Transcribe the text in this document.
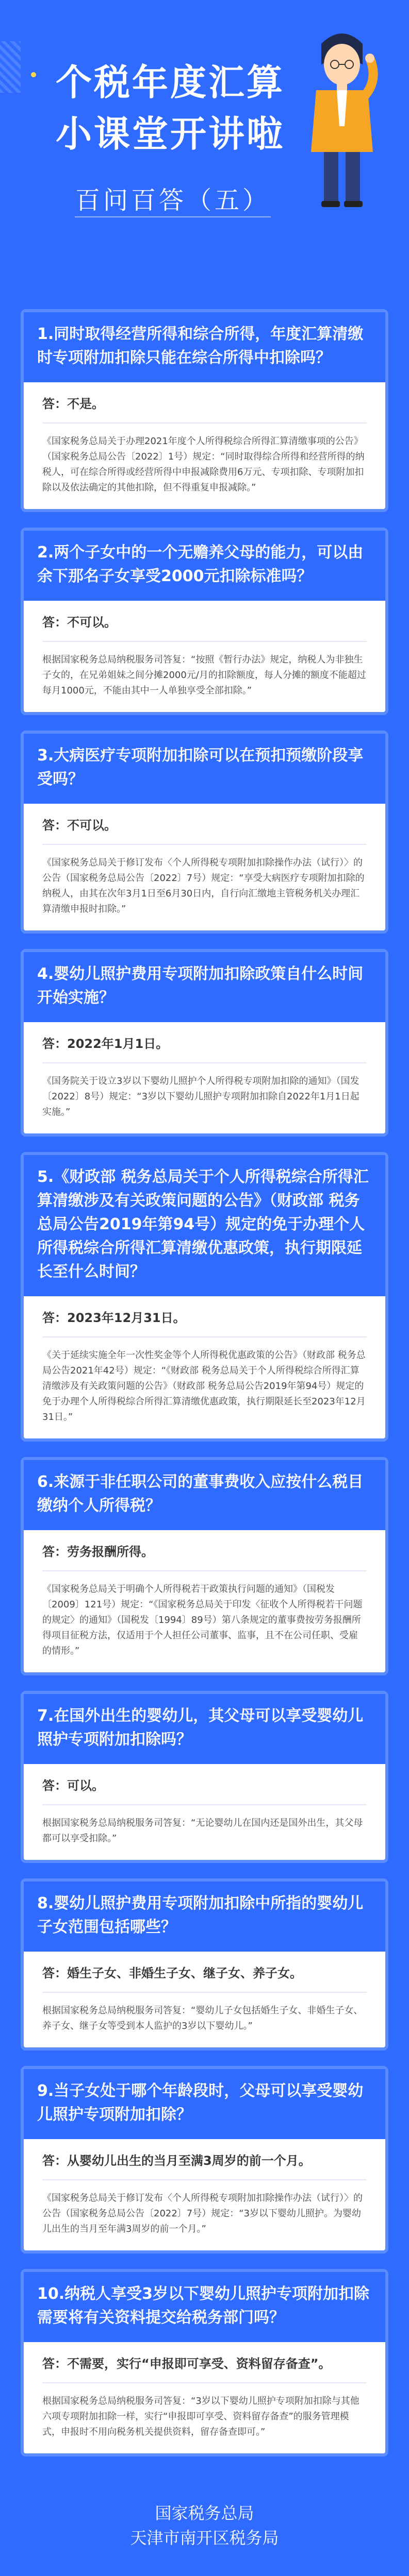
个税年度汇算
小课堂开讲啦
百问百答（五）
1.同时取得经营所得和综合所得，年度汇算清缴时专项附加扣除只能在综合所得中扣除吗？
答：不是。
《国家税务总局关于办理2021年度个人所得税综合所得汇算清缴事项的公告》（国家税务总局公告〔2022〕1号）规定：“同时取得综合所得和经营所得的纳税人，可在综合所得或经营所得中申报减除费用6万元、专项扣除、专项附加扣除以及依法确定的其他扣除，但不得重复申报减除。”
2.两个子女中的一个无赡养父母的能力，可以由余下那名子女享受2000元扣除标准吗？
答：不可以。
根据国家税务总局纳税服务司答复：“按照《暂行办法》规定，纳税人为非独生子女的，在兄弟姐妹之间分摊2000元/月的扣除额度，每人分摊的额度不能超过每月1000元，不能由其中一人单独享受全部扣除。”
3.大病医疗专项附加扣除可以在预扣预缴阶段享受吗？
答：不可以。
《国家税务总局关于修订发布〈个人所得税专项附加扣除操作办法（试行）〉的公告（国家税务总局公告〔2022〕7号）规定：“享受大病医疗专项附加扣除的纳税人，由其在次年3月1日至6月30日内，自行向汇缴地主管税务机关办理汇算清缴申报时扣除。”
4.婴幼儿照护费用专项附加扣除政策自什么时间开始实施？
答：2022年1月1日。
《国务院关于设立3岁以下婴幼儿照护个人所得税专项附加扣除的通知》（国发〔2022〕8号）规定：“3岁以下婴幼儿照护专项附加扣除自2022年1月1日起实施。”
5.《财政部 税务总局关于个人所得税综合所得汇算清缴涉及有关政策问题的公告》（财政部 税务总局公告2019年第94号）规定的免于办理个人所得税综合所得汇算清缴优惠政策，执行期限延长至什么时间？
答：2023年12月31日。
《关于延续实施全年一次性奖金等个人所得税优惠政策的公告》（财政部 税务总局公告2021年42号）规定：“《财政部 税务总局关于个人所得税综合所得汇算清缴涉及有关政策问题的公告》（财政部 税务总局公告2019年第94号）规定的免于办理个人所得税综合所得汇算清缴优惠政策，执行期限延长至2023年12月31日。”
6.来源于非任职公司的董事费收入应按什么税目缴纳个人所得税？
答：劳务报酬所得。
《国家税务总局关于明确个人所得税若干政策执行问题的通知》（国税发〔2009〕121号）规定：“《国家税务总局关于印发〈征收个人所得税若干问题的规定〉的通知》（国税发〔1994〕89号）第八条规定的董事费按劳务报酬所得项目征税方法，仅适用于个人担任公司董事、监事，且不在公司任职、受雇的情形。”
7.在国外出生的婴幼儿，其父母可以享受婴幼儿照护专项附加扣除吗？
答：可以。
根据国家税务总局纳税服务司答复：“无论婴幼儿在国内还是国外出生，其父母都可以享受扣除。”
8.婴幼儿照护费用专项附加扣除中所指的婴幼儿子女范围包括哪些？
答：婚生子女、非婚生子女、继子女、养子女。
根据国家税务总局纳税服务司答复：“婴幼儿子女包括婚生子女、非婚生子女、养子女、继子女等受到本人监护的3岁以下婴幼儿。”
9.当子女处于哪个年龄段时，父母可以享受婴幼儿照护专项附加扣除？
答：从婴幼儿出生的当月至满3周岁的前一个月。
《国家税务总局关于修订发布〈个人所得税专项附加扣除操作办法（试行）〉的公告（国家税务总局公告〔2022〕7号）规定：“3岁以下婴幼儿照护。为婴幼儿出生的当月至年满3周岁的前一个月。”
10.纳税人享受3岁以下婴幼儿照护专项附加扣除需要将有关资料提交给税务部门吗？
答：不需要，实行“申报即可享受、资料留存备查”。
根据国家税务总局纳税服务司答复：“3岁以下婴幼儿照护专项附加扣除与其他六项专项附加扣除一样，实行“申报即可享受、资料留存备查”的服务管理模式，申报时不用向税务机关提供资料，留存备查即可。”
国家税务总局
天津市南开区税务局
